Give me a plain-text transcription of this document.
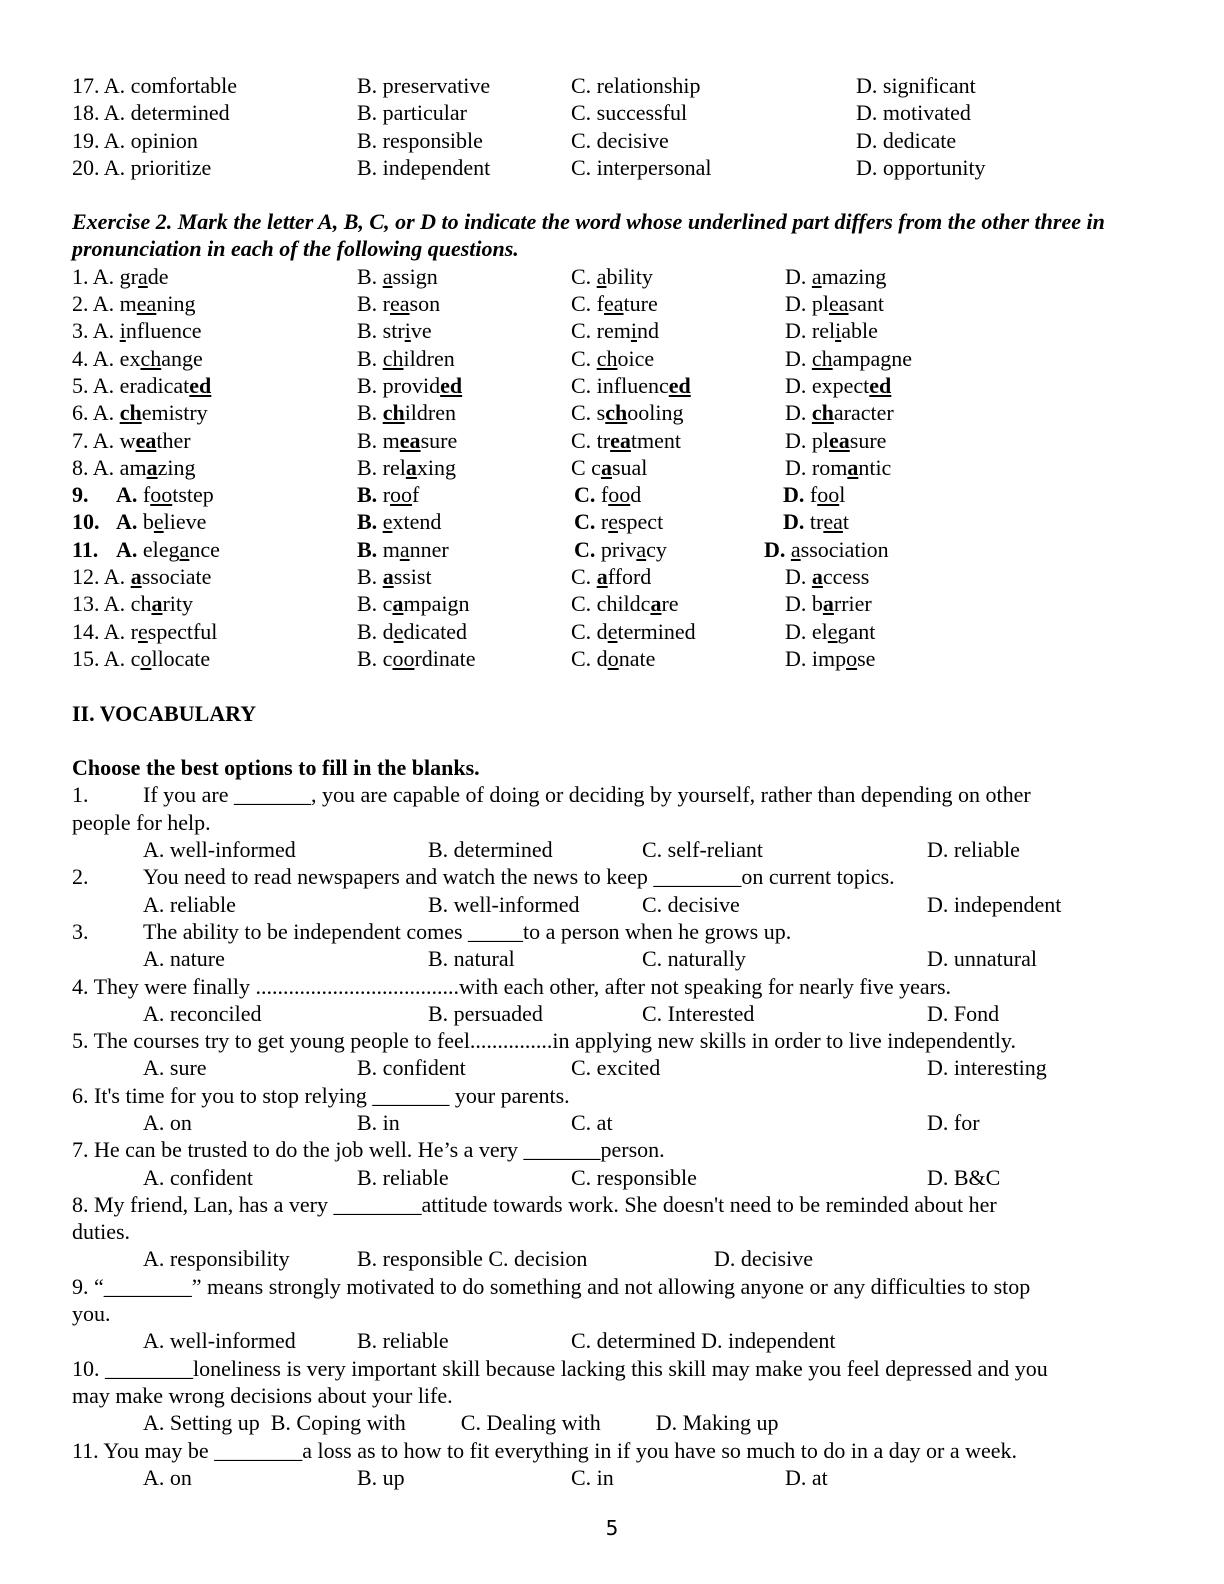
17. A. comfortable	B. preservative	C. relationship	D. significant
18. A. determined	B. particular	C. successful	D. motivated
19. A. opinion	B. responsible	C. decisive	D. dedicate
20. A. prioritize	B. independent	C. interpersonal	D. opportunity
Exercise 2. Mark the letter A, B, C, or D to indicate the word whose underlined part differs from the other three in pronunciation in each of the following questions.
1. A. grade	B. assign	C. ability	D. amazing
2. A. meaning	B. reason	C. feature	D. pleasant
3. A. influence	B. strive	C. remind	D. reliable
4. A. exchange	B. children	C. choice	D. champagne
5. A. eradicated	B. provided	C. influenced	D. expected
6. A. chemistry	B. children	C. schooling	D. character
7. A. weather	B. measure	C. treatment	D. pleasure
8. A. amazing	B. relaxing	C casual	D. romantic
9. A. footstep	B. roof	C. food	D. fool
10. A. believe	B. extend	C. respect	D. treat
11. A. elegance	B. manner	C. privacy	D. association
12. A. associate	B. assist	C. afford	D. access
13. A. charity	B. campaign	C. childcare	D. barrier
14. A. respectful	B. dedicated	C. determined	D. elegant
15. A. collocate	B. coordinate	C. donate	D. impose
II. VOCABULARY
Choose the best options to fill in the blanks.
1. If you are _______, you are capable of doing or deciding by yourself, rather than depending on other
people for help.
A. well-informed	B. determined	C. self-reliant	D. reliable
2. You need to read newspapers and watch the news to keep ________on current topics.
A. reliable	B. well-informed	C. decisive	D. independent
3. The ability to be independent comes _____to a person when he grows up.
A. nature	B. natural	C. naturally	D. unnatural
4. They were finally .....................................with each other, after not speaking for nearly five years.
A. reconciled	B. persuaded	C. Interested	D. Fond
5. The courses try to get young people to feel...............in applying new skills in order to live independently.
A. sure	B. confident	C. excited	D. interesting
6. It's time for you to stop relying _______ your parents.
A. on	B. in	C. at	D. for
7. He can be trusted to do the job well. He’s a very _______person.
A. confident	B. reliable	C. responsible	D. B&C
8. My friend, Lan, has a very ________attitude towards work. She doesn't need to be reminded about her
duties.
A. responsibility	B. responsible C. decision	D. decisive
9. “________” means strongly motivated to do something and not allowing anyone or any difficulties to stop
you.
A. well-informed	B. reliable	C. determined D. independent
10. ________loneliness is very important skill because lacking this skill may make you feel depressed and you
may make wrong decisions about your life.
A. Setting up  B. Coping with          C. Dealing with          D. Making up
11. You may be ________a loss as to how to fit everything in if you have so much to do in a day or a week.
A. on	B. up	C. in	D. at
5
